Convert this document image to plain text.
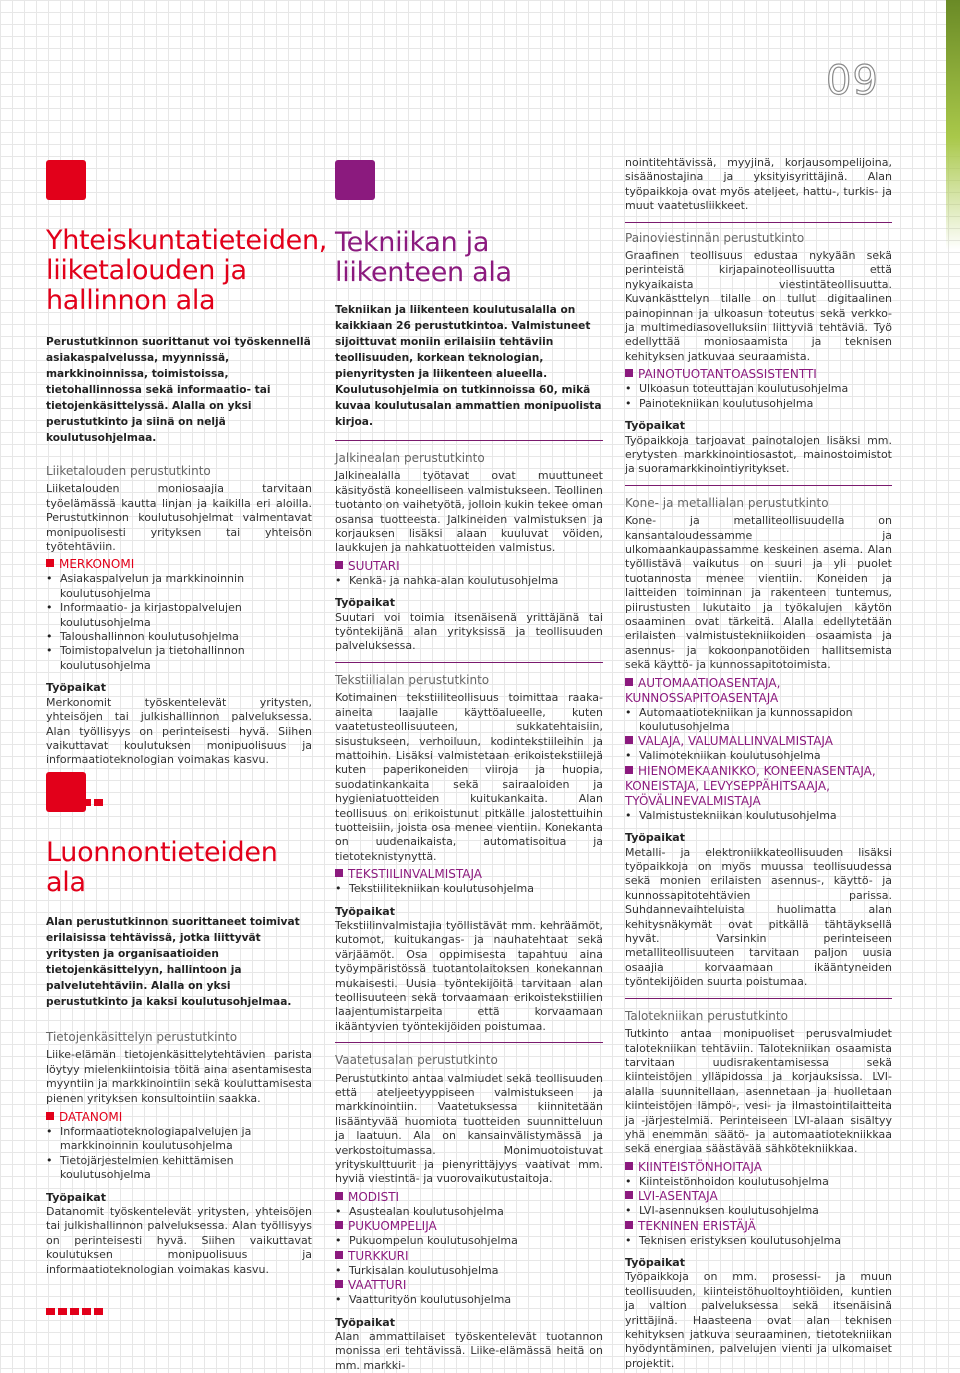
09
Yhteiskuntatieteiden, liiketalouden ja hallinnon ala

Perustutkinnon suorittanut voi työskennellä asiakaspalvelussa, myynnissä, markkinoinnissa, toimistoissa, tietohallinnossa sekä informaatio- tai tietojenkäsittelyssä. Alalla on yksi perustutkinto ja siinä on neljä koulutusohjelmaa.

Liiketalouden perustutkinto

Liiketalouden moniosaajia tarvitaan työelämässä kautta linjan ja kaikilla eri aloilla. Perustutkinnon koulutusohjelmat valmentavat monipuolisesti yrityksen tai yhteisön työtehtäviin.

MERKONOMI

• Asiakaspalvelun ja markkinoinnin koulutusohjelma
• Informaatio- ja kirjastopalvelujen koulutusohjelma
• Taloushallinnon koulutusohjelma
• Toimistopalvelun ja tietohallinnon koulutusohjelma

Työpaikat

Merkonomit työskentelevät yritysten, yhteisöjen tai julkishallinnon palveluksessa. Alan työllisyys on perinteisesti hyvä. Siihen vaikuttavat koulutuksen monipuolisuus ja informaatioteknologian voimakas kasvu.

Luonnontieteiden ala

Alan perustutkinnon suorittaneet toimivat erilaisissa tehtävissä, jotka liittyvät yritysten ja organisaatioiden tietojenkäsittelyyn, hallintoon ja palvelutehtäviin. Alalla on yksi perustutkinto ja kaksi koulutusohjelmaa.

Tietojenkäsittelyn perustutkinto

Liike-elämän tietojenkäsittelytehtävien parista löytyy mielenkiintoisia töitä aina asentamisesta myyntiin ja markkinointiin sekä kouluttamisesta pienen yrityksen konsultointiin saakka.

DATANOMI

• Informaatioteknologiapalvelujen ja markkinoinnin koulutusohjelma
• Tietojärjestelmien kehittämisen koulutusohjelma

Työpaikat

Datanomit työskentelevät yritysten, yhteisöjen tai julkishallinnon palveluksessa. Alan työllisyys on perinteisesti hyvä. Siihen vaikuttavat koulutuksen monipuolisuus ja informaatioteknologian voimakas kasvu.

Tekniikan ja liikenteen ala

Tekniikan ja liikenteen koulutusalalla on kaikkiaan 26 perustutkintoa. Valmistuneet sijoittuvat moniin erilaisiin tehtäviin teollisuuden, korkean teknologian, pienyritysten ja liikenteen alueella. Koulutusohjelmia on tutkinnoissa 60, mikä kuvaa koulutusalan ammattien monipuolista kirjoa.

Jalkinealan perustutkinto

Jalkinealalla työtavat ovat muuttuneet käsityöstä koneelliseen valmistukseen. Teollinen tuotanto on vaihetyötä, jolloin kukin tekee oman osansa tuotteesta. Jalkineiden valmistuksen ja korjauksen lisäksi alaan kuuluvat vöiden, laukkujen ja nahkatuotteiden valmistus.

SUUTARI

• Kenkä- ja nahka-alan koulutusohjelma

Työpaikat

Suutari voi toimia itsenäisenä yrittäjänä tai työntekijänä alan yrityksissä ja teollisuuden palveluksessa.

Tekstiilialan perustutkinto

Kotimainen tekstiiliteollisuus toimittaa raaka-aineita laajalle käyttöalueelle, kuten vaatetusteollisuuteen, sukkatehtaisiin, sisustukseen, verhoiluun, kodintekstiileihin ja mattoihin. Lisäksi valmistetaan erikoistekstiilejä kuten paperikoneiden viiroja ja huopia, suodatinkankaita sekä sairaaloiden ja hygieniatuotteiden kuitukankaita. Alan teollisuus on erikoistunut pitkälle jalostettuihin tuotteisiin, joista osa menee vientiin. Konekanta on uudenaikaista, automatisoitua ja tietoteknistynyttä.

TEKSTIILINVALMISTAJA

• Tekstiilitekniikan koulutusohjelma

Työpaikat

Tekstiilinvalmistajia työllistävät mm. kehräämöt, kutomot, kuitukangas- ja nauhatehtaat sekä värjäämöt. Osa oppimisesta tapahtuu aina työympäristössä tuotantolaitoksen konekannan mukaisesti. Uusia työntekijöitä tarvitaan alan teollisuuteen sekä torvaamaan erikoistekstiilien laajentumistarpeita että korvaamaan ikääntyvien työntekijöiden poistumaa.

Vaatetusalan perustutkinto

Perustutkinto antaa valmiudet sekä teollisuuden että ateljeetyyppiseen valmistukseen ja markkinointiin. Vaatetuksessa kiinnitetään lisääntyvää huomiota tuotteiden suunnitteluun ja laatuun. Ala on kansainvälistymässä ja verkostoitumassa. Monimuotoistuvat yrityskulttuurit ja pienyrittäjyys vaativat mm. hyviä viestintä- ja vuorovaikutustaitoja.

MODISTI

• Asustealan koulutusohjelma

PUKUOMPELIJA

• Pukuompelun koulutusohjelma

TURKKURI

• Turkisalan koulutusohjelma

VAATTURI

• Vaatturityön koulutusohjelma

Työpaikat

Alan ammattilaiset työskentelevät tuotannon monissa eri tehtävissä. Liike-elämässä heitä on mm. markki-

nointitehtävissä, myyjinä, korjausompelijoina, sisäänostajina ja yksityisyrittäjinä. Alan työpaikkoja ovat myös ateljeet, hattu-, turkis- ja muut vaatetusliikkeet.

Painoviestinnän perustutkinto

Graafinen teollisuus edustaa nykyään sekä perinteistä kirjapainoteollisuutta että nykyaikaista viestintäteollisuutta. Kuvankästtelyn tilalle on tullut digitaalinen painopinnan ja ulkoasun toteutus sekä verkko- ja multimediasovelluksiin liittyviä tehtäviä. Työ edellyttää moniosaamista ja teknisen kehityksen jatkuvaa seuraamista.

PAINOTUOTANTOASSISTENTTI

• Ulkoasun toteuttajan koulutusohjelma
• Painotekniikan koulutusohjelma

Työpaikat

Työpaikkoja tarjoavat painotalojen lisäksi mm. erytysten markkinointiosastot, mainostoimistot ja suoramarkkinointiyritykset.

Kone- ja metallialan perustutkinto

Kone- ja metalliteollisuudella on kansantaloudessamme ja ulkomaankaupassamme keskeinen asema. Alan työllistävä vaikutus on suuri ja yli puolet tuotannosta menee vientiin. Koneiden ja laitteiden toiminnan ja rakenteen tuntemus, piirustusten lukutaito ja työkalujen käytön osaaminen ovat tärkeitä. Alalla edellytetään erilaisten valmistustekniikoiden osaamista ja asennus- ja kokoonpanotöiden hallitsemista sekä käyttö- ja kunnossapitotoimista.

AUTOMAATIOASENTAJA, KUNNOSSAPITOASENTAJA

• Automaatiotekniikan ja kunnossapidon koulutusohjelma

VALAJA, VALUMALLINVALMISTAJA

• Valimotekniikan koulutusohjelma

HIENOMEKAANIKKO, KONEENASENTAJA, KONEISTAJA, LEVYSEPPÄHITSAAJA, TYÖVÄLINEVALMISTAJA

• Valmistustekniikan koulutusohjelma

Työpaikat

Metalli- ja elektroniikkateollisuuden lisäksi työpaikkoja on myös muussa teollisuudessa sekä monien erilaisten asennus-, käyttö- ja kunnossapitotehtävien parissa. Suhdannevaihteluista huolimatta alan kehitysnäkymät ovat pitkällä tähtäyksellä hyvät. Varsinkin perinteiseen metalliteollisuuteen tarvitaan paljon uusia osaajia korvaamaan ikääntyneiden työntekijöiden suurta poistumaa.

Talotekniikan perustutkinto

Tutkinto antaa monipuoliset perusvalmiudet talotekniikan tehtäviin. Talotekniikan osaamista tarvitaan uudisrakentamisessa sekä kiinteistöjen ylläpidossa ja korjauksissa. LVI-alalla suunnitellaan, asennetaan ja huolletaan kiinteistöjen lämpö-, vesi- ja ilmastointilaitteita ja -järjestelmiä. Perinteiseen LVI-alaan sisältyy yhä enemmän säätö- ja automaatiotekniikkaa sekä energiaa säästävää sähkötekniikkaa.

KIINTEISTÖNHOITAJA

• Kiinteistönhoidon koulutusohjelma

LVI-ASENTAJA

• LVI-asennuksen koulutusohjelma

TEKNINEN ERISTÄJÄ

• Teknisen eristyksen koulutusohjelma

Työpaikat

Työpaikkoja on mm. prosessi- ja muun teollisuuden, kiinteistöhuoltoyhtiöiden, kuntien ja valtion palveluksessa sekä itsenäisinä yrittäjinä. Haasteena ovat alan teknisen kehityksen jatkuva seuraaminen, tietotekniikan hyödyntäminen, palvelujen vienti ja ulkomaiset projektit.
